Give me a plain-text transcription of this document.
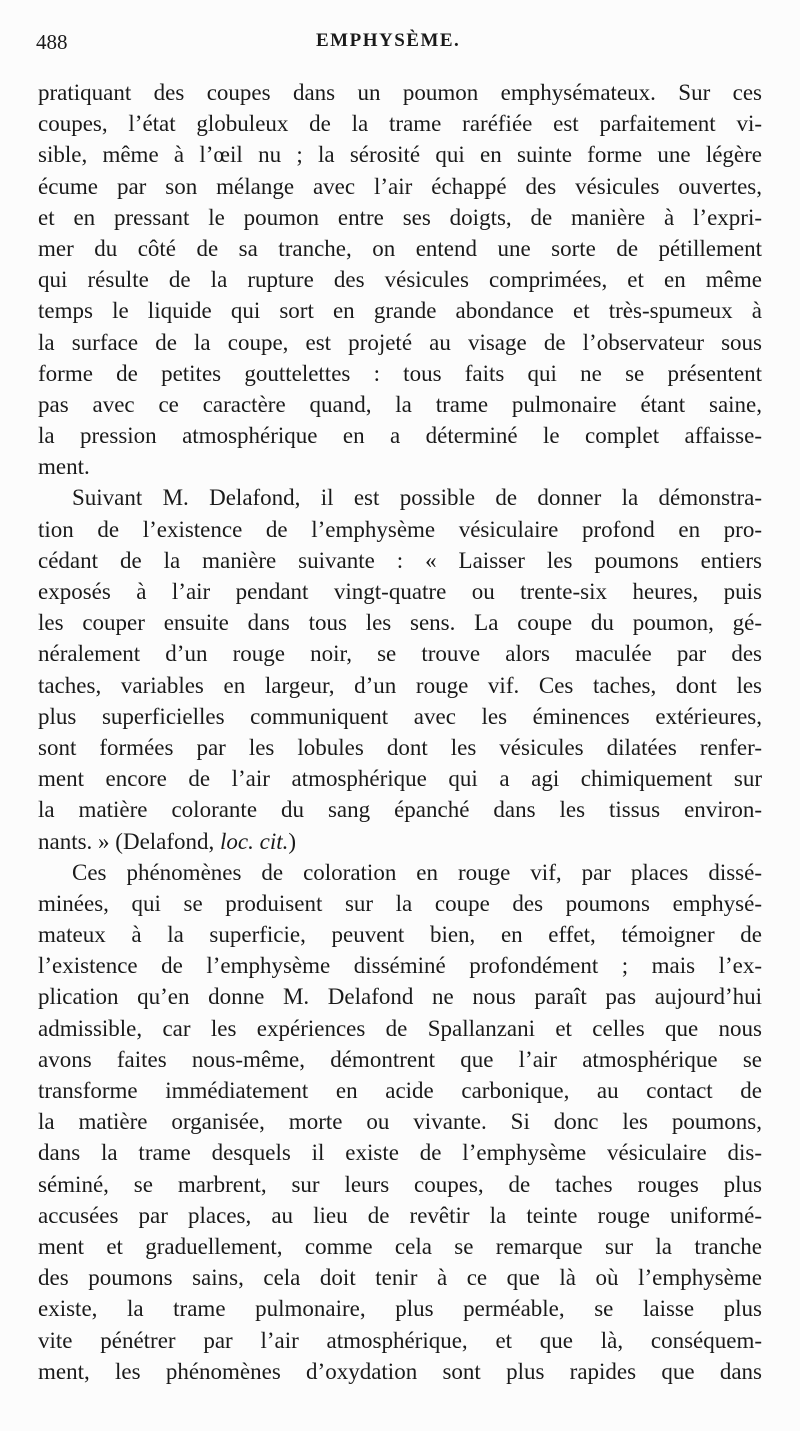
488	EMPHYSÈME.
pratiquant des coupes dans un poumon emphysémateux. Sur ces
coupes, l’état globuleux de la trame raréfiée est parfaitement vi-
sible, même à l’œil nu ; la sérosité qui en suinte forme une légère
écume par son mélange avec l’air échappé des vésicules ouvertes,
et en pressant le poumon entre ses doigts, de manière à l’expri-
mer du côté de sa tranche, on entend une sorte de pétillement
qui résulte de la rupture des vésicules comprimées, et en même
temps le liquide qui sort en grande abondance et très-spumeux à
la surface de la coupe, est projeté au visage de l’observateur sous
forme de petites gouttelettes : tous faits qui ne se présentent
pas avec ce caractère quand, la trame pulmonaire étant saine,
la pression atmosphérique en a déterminé le complet affaisse-
ment.
Suivant M. Delafond, il est possible de donner la démonstra-
tion de l’existence de l’emphysème vésiculaire profond en pro-
cédant de la manière suivante : « Laisser les poumons entiers
exposés à l’air pendant vingt-quatre ou trente-six heures, puis
les couper ensuite dans tous les sens. La coupe du poumon, gé-
néralement d’un rouge noir, se trouve alors maculée par des
taches, variables en largeur, d’un rouge vif. Ces taches, dont les
plus superficielles communiquent avec les éminences extérieures,
sont formées par les lobules dont les vésicules dilatées renfer-
ment encore de l’air atmosphérique qui a agi chimiquement sur
la matière colorante du sang épanché dans les tissus environ-
nants. » (Delafond, loc. cit.)
Ces phénomènes de coloration en rouge vif, par places dissé-
minées, qui se produisent sur la coupe des poumons emphysé-
mateux à la superficie, peuvent bien, en effet, témoigner de
l’existence de l’emphysème disséminé profondément ; mais l’ex-
plication qu’en donne M. Delafond ne nous paraît pas aujourd’hui
admissible, car les expériences de Spallanzani et celles que nous
avons faites nous-même, démontrent que l’air atmosphérique se
transforme immédiatement en acide carbonique, au contact de
la matière organisée, morte ou vivante. Si donc les poumons,
dans la trame desquels il existe de l’emphysème vésiculaire dis-
séminé, se marbrent, sur leurs coupes, de taches rouges plus
accusées par places, au lieu de revêtir la teinte rouge uniformé-
ment et graduellement, comme cela se remarque sur la tranche
des poumons sains, cela doit tenir à ce que là où l’emphysème
existe, la trame pulmonaire, plus perméable, se laisse plus
vite pénétrer par l’air atmosphérique, et que là, conséquem-
ment, les phénomènes d’oxydation sont plus rapides que dans
